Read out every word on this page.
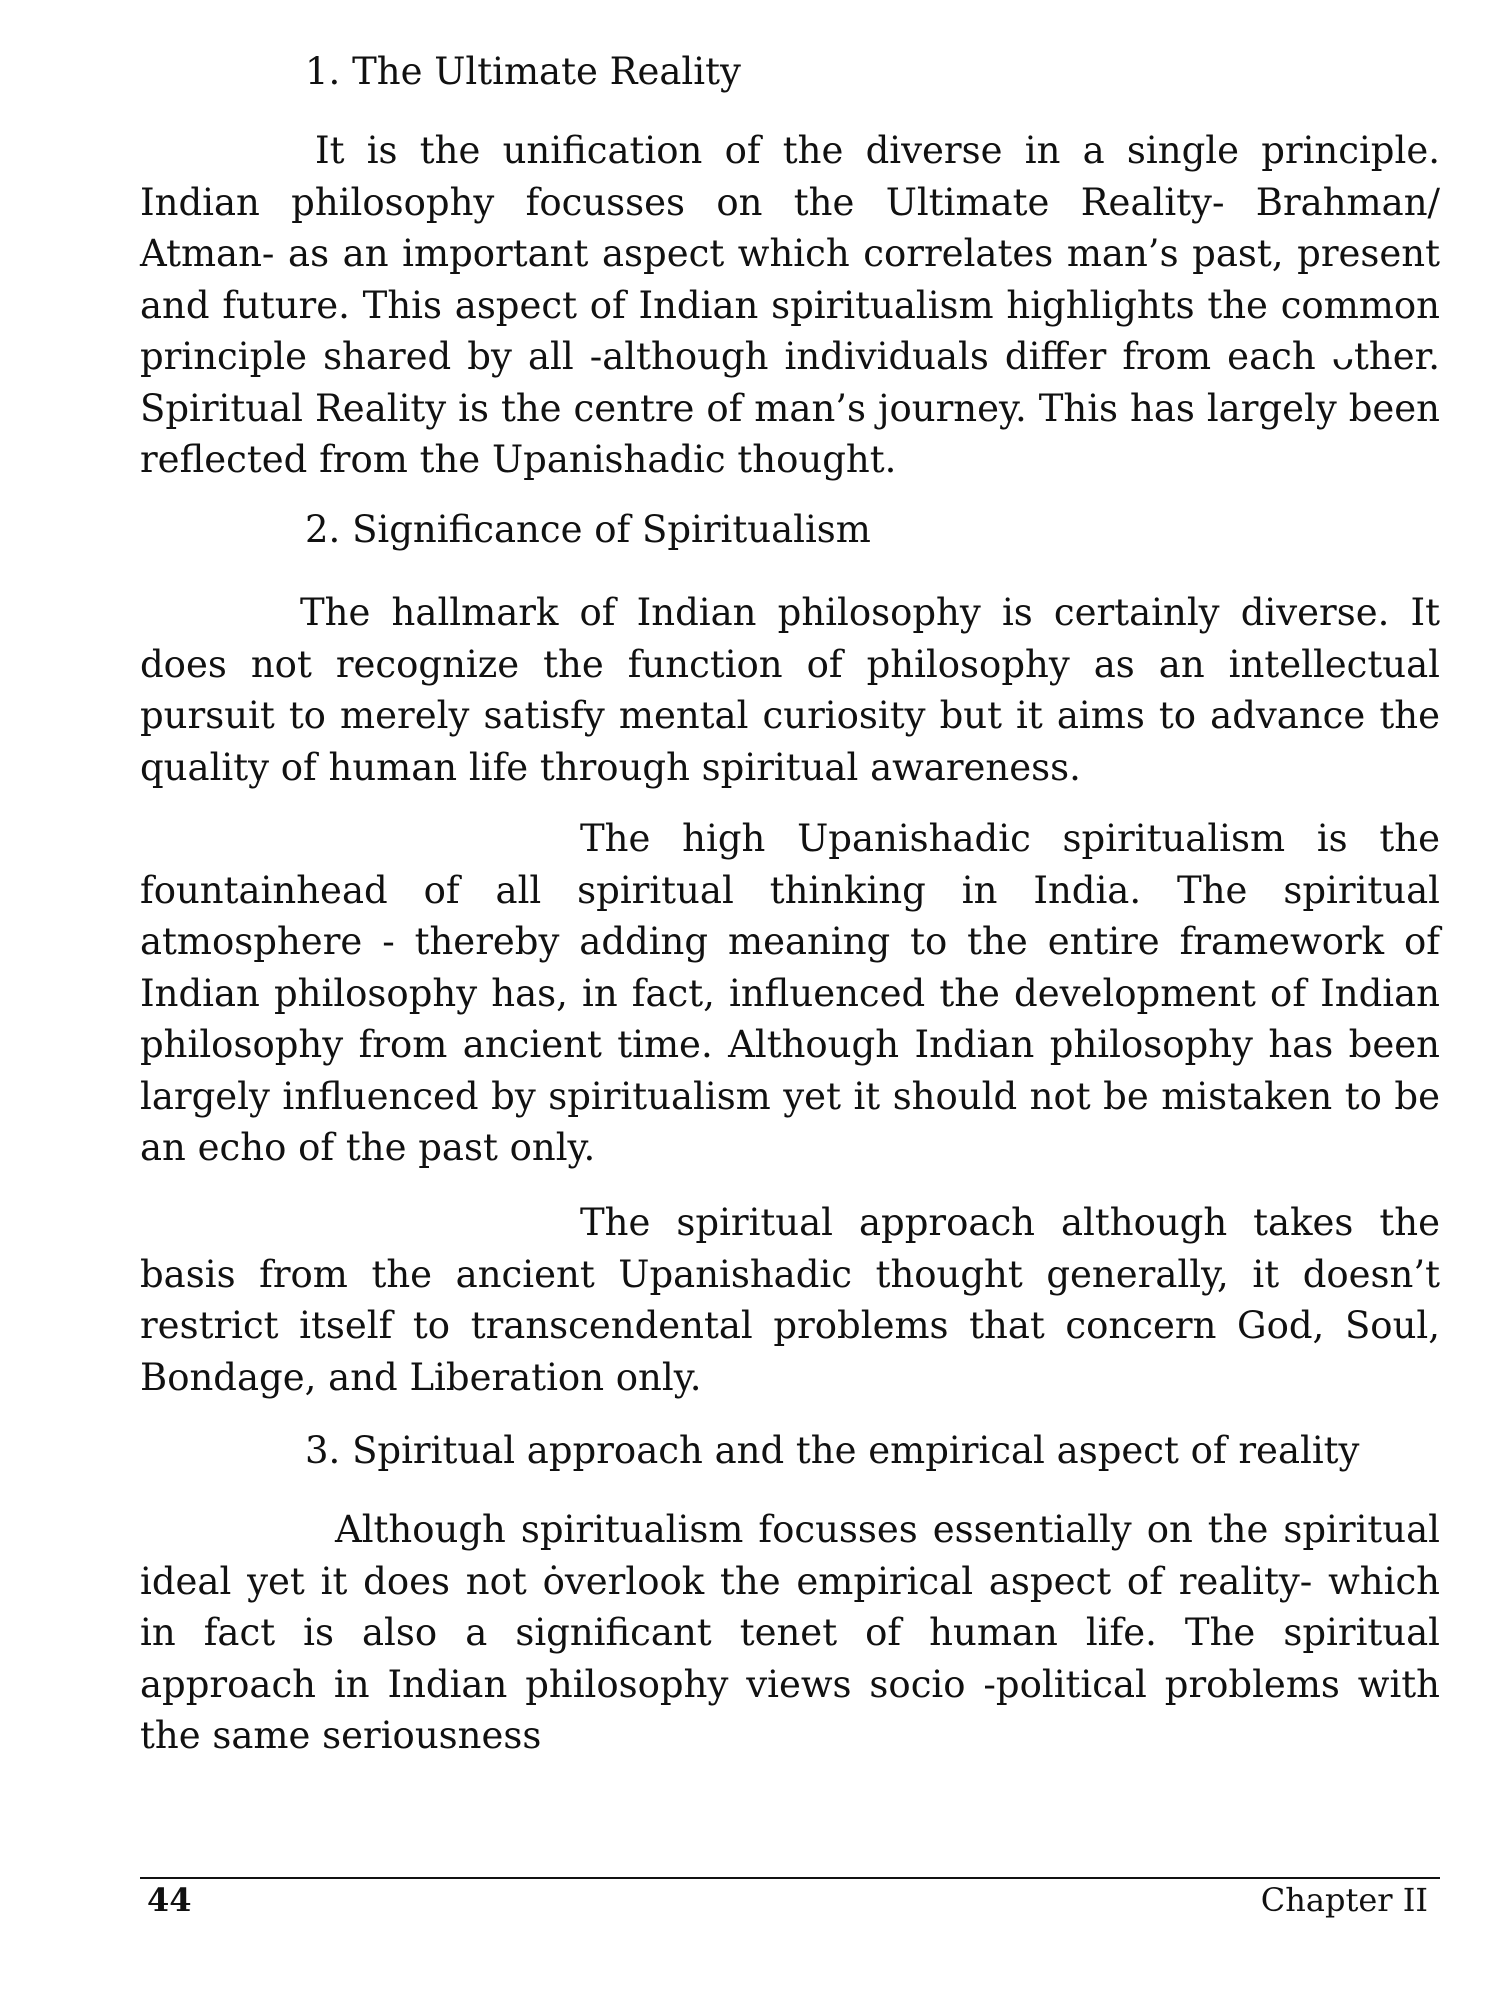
1. The Ultimate Reality

It is the unification of the diverse in a single principle. Indian philosophy focusses on the Ultimate Reality- Brahman/ Atman- as an important aspect which correlates man’s past, present and future. This aspect of Indian spiritualism highlights the common principle shared by all -although individuals differ from each ᴗther. Spiritual Reality is the centre of man’s journey. This has largely been reflected from the Upanishadic thought.

2. Significance of Spiritualism

The hallmark of Indian philosophy is certainly diverse. It does not recognize the function of philosophy as an intellectual pursuit to merely satisfy mental curiosity but it aims to advance the quality of human life through spiritual awareness.

The high Upanishadic spiritualism is the fountainhead of all spiritual thinking in India. The spiritual atmosphere - thereby adding meaning to the entire framework of Indian philosophy has, in fact, influenced the development of Indian philosophy from ancient time. Although Indian philosophy has been largely influenced by spiritualism yet it should not be mistaken to be an echo of the past only.

The spiritual approach although takes the basis from the ancient Upanishadic thought generally, it doesn’t restrict itself to transcendental problems that concern God, Soul, Bondage, and Liberation only.

3. Spiritual approach and the empirical aspect of reality

Although spiritualism focusses essentially on the spiritual ideal yet it does not ȯverlook the empirical aspect of reality- which in fact is also a significant tenet of human life. The spiritual approach in Indian philosophy views socio -political problems with the same seriousness

44	Chapter II
